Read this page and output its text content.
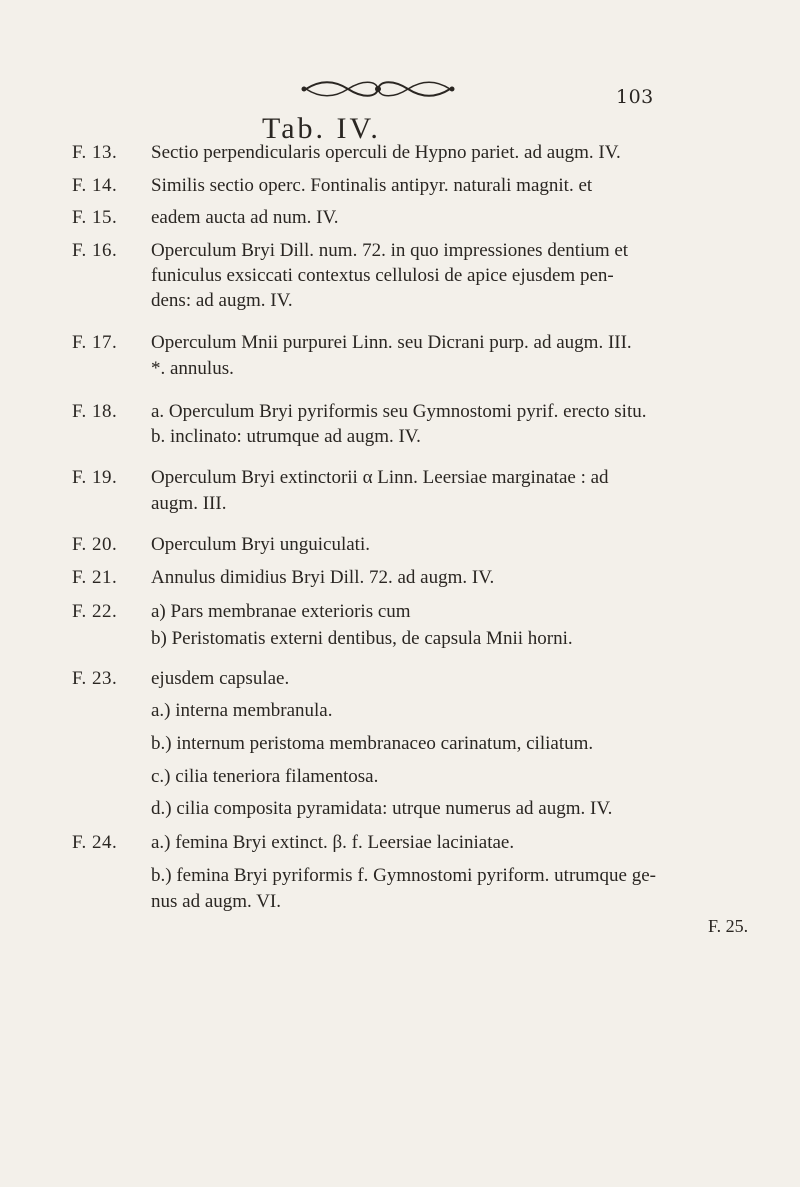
103
Tab. IV.
F. 13.	Sectio perpendicularis operculi de Hypno pariet. ad augm. IV.
F. 14.	Similis sectio operc. Fontinalis antipyr. naturali magnit. et
F. 15.	eadem aucta ad num. IV.
F. 16.	Operculum Bryi Dill. num. 72. in quo impressiones dentium et
funiculus exsiccati contextus cellulosi de apice ejusdem pen-
dens: ad augm. IV.
F. 17.	Operculum Mnii purpurei Linn. seu Dicrani purp. ad augm. III.
*. annulus.
F. 18.	a. Operculum Bryi pyriformis seu Gymnostomi pyrif. erecto situ.
b. inclinato: utrumque ad augm. IV.
F. 19.	Operculum Bryi extinctorii α Linn. Leersiae marginatae : ad
augm. III.
F. 20.	Operculum Bryi unguiculati.
F. 21.	Annulus dimidius Bryi Dill. 72. ad augm. IV.
F. 22.	a) Pars membranae exterioris cum
b) Peristomatis externi dentibus, de capsula Mnii horni.
F. 23.	ejusdem capsulae.
a.) interna membranula.
b.) internum peristoma membranaceo carinatum, ciliatum.
c.) cilia teneriora filamentosa.
d.) cilia composita pyramidata: utrque numerus ad augm. IV.
F. 24.	a.) femina Bryi extinct. β. f. Leersiae laciniatae.
b.) femina Bryi pyriformis f. Gymnostomi pyriform. utrumque ge-
nus ad augm. VI.
F. 25.
